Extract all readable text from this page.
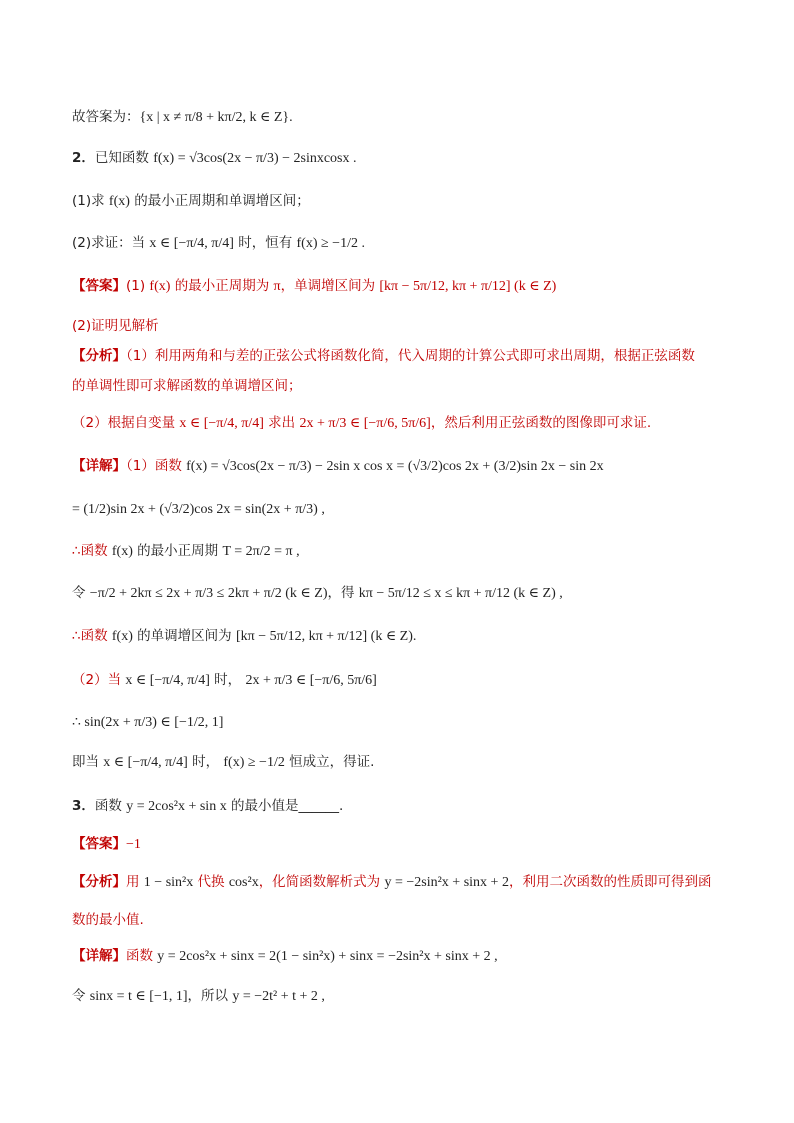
故答案为：{x | x ≠ π/8 + kπ/2, k ∈ Z}.
2．已知函数 f(x) = √3cos(2x − π/3) − 2sinxcosx .
(1)求 f(x) 的最小正周期和单调增区间；
(2)求证：当 x ∈ [−π/4, π/4] 时，恒有 f(x) ≥ −1/2 .
【答案】(1) f(x) 的最小正周期为 π，单调增区间为 [kπ − 5π/12, kπ + π/12] (k ∈ Z)
(2)证明见解析
【分析】（1）利用两角和与差的正弦公式将函数化简，代入周期的计算公式即可求出周期，根据正弦函数
的单调性即可求解函数的单调增区间；
（2）根据自变量 x ∈ [−π/4, π/4] 求出 2x + π/3 ∈ [−π/6, 5π/6]，然后利用正弦函数的图像即可求证.
【详解】（1）函数 f(x) = √3cos(2x − π/3) − 2sin x cos x = (√3/2)cos 2x + (3/2)sin 2x − sin 2x
= (1/2)sin 2x + (√3/2)cos 2x = sin(2x + π/3) ,
∴函数 f(x) 的最小正周期 T = 2π/2 = π ,
令 −π/2 + 2kπ ≤ 2x + π/3 ≤ 2kπ + π/2 (k ∈ Z)，得 kπ − 5π/12 ≤ x ≤ kπ + π/12 (k ∈ Z) ,
∴函数 f(x) 的单调增区间为 [kπ − 5π/12, kπ + π/12] (k ∈ Z).
（2）当 x ∈ [−π/4, π/4] 时， 2x + π/3 ∈ [−π/6, 5π/6]
∴ sin(2x + π/3) ∈ [−1/2, 1]
即当 x ∈ [−π/4, π/4] 时， f(x) ≥ −1/2 恒成立，得证.
3．函数 y = 2cos²x + sin x 的最小值是______.
【答案】−1
【分析】用 1 − sin²x 代换 cos²x，化简函数解析式为 y = −2sin²x + sinx + 2，利用二次函数的性质即可得到函
数的最小值.
【详解】函数 y = 2cos²x + sinx = 2(1 − sin²x) + sinx = −2sin²x + sinx + 2 ,
令 sinx = t ∈ [−1, 1]，所以 y = −2t² + t + 2 ,
